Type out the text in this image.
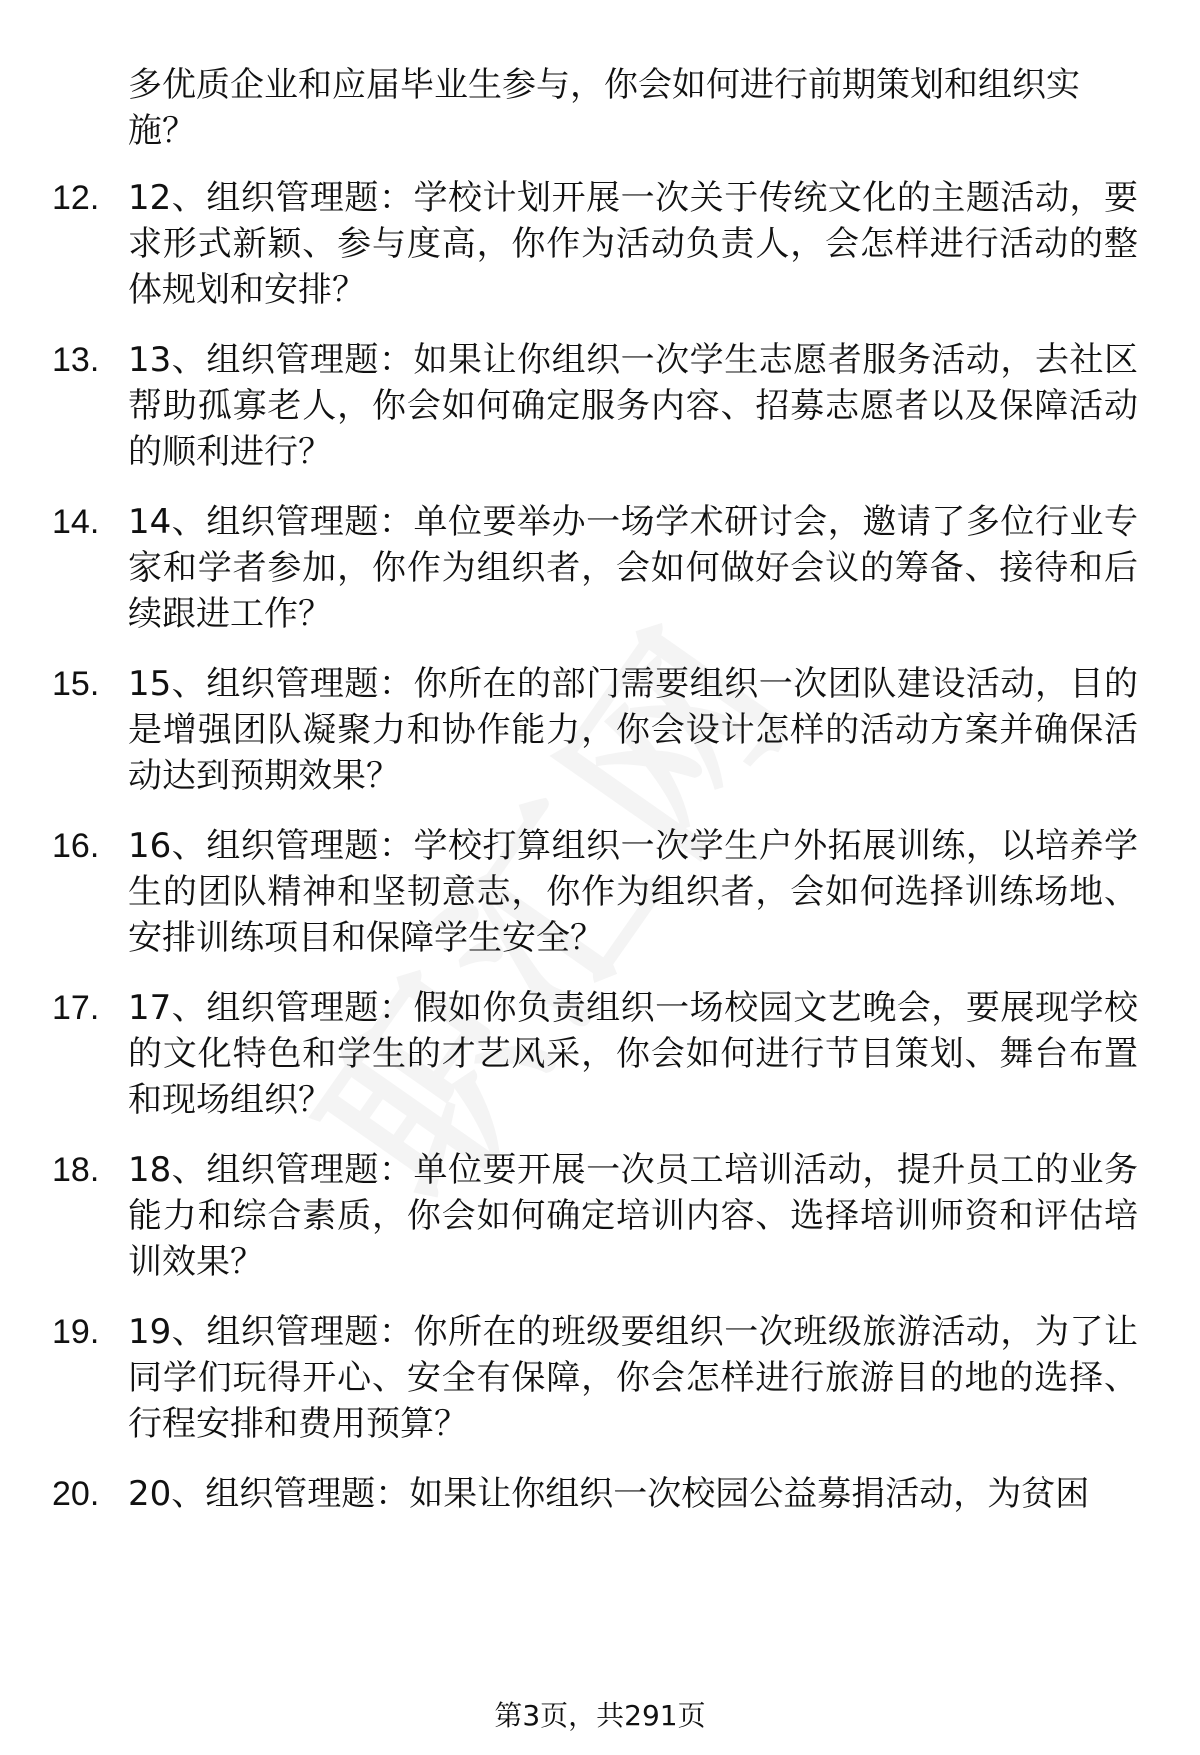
多优质企业和应届毕业生参与，你会如何进行前期策划和组织实施？
12. 12、组织管理题：学校计划开展一次关于传统文化的主题活动，要求形式新颖、参与度高，你作为活动负责人，会怎样进行活动的整体规划和安排？
13. 13、组织管理题：如果让你组织一次学生志愿者服务活动，去社区帮助孤寡老人，你会如何确定服务内容、招募志愿者以及保障活动的顺利进行？
14. 14、组织管理题：单位要举办一场学术研讨会，邀请了多位行业专家和学者参加，你作为组织者，会如何做好会议的筹备、接待和后续跟进工作？
15. 15、组织管理题：你所在的部门需要组织一次团队建设活动，目的是增强团队凝聚力和协作能力，你会设计怎样的活动方案并确保活动达到预期效果？
16. 16、组织管理题：学校打算组织一次学生户外拓展训练，以培养学生的团队精神和坚韧意志，你作为组织者，会如何选择训练场地、安排训练项目和保障学生安全？
17. 17、组织管理题：假如你负责组织一场校园文艺晚会，要展现学校的文化特色和学生的才艺风采，你会如何进行节目策划、舞台布置和现场组织？
18. 18、组织管理题：单位要开展一次员工培训活动，提升员工的业务能力和综合素质，你会如何确定培训内容、选择培训师资和评估培训效果？
19. 19、组织管理题：你所在的班级要组织一次班级旅游活动，为了让同学们玩得开心、安全有保障，你会怎样进行旅游目的地的选择、行程安排和费用预算？
20. 20、组织管理题：如果让你组织一次校园公益募捐活动，为贫困
第3页，共291页
